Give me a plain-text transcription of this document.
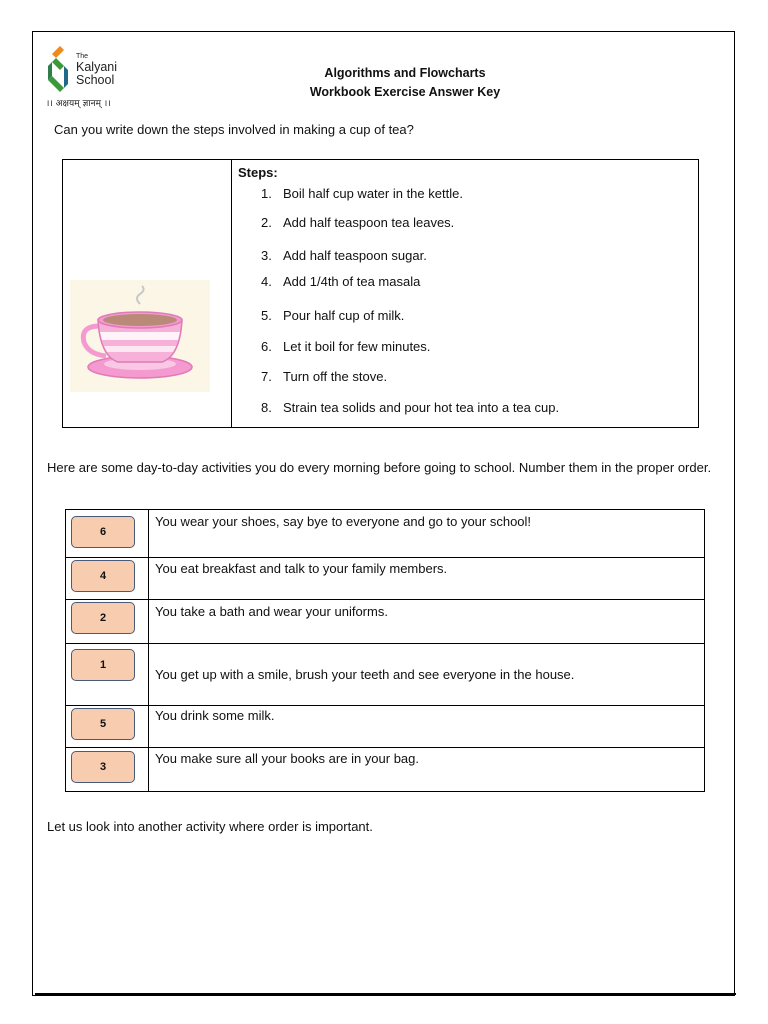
The
Kalyani
School
।। अक्षयम् ज्ञानम् ।।
Algorithms and Flowcharts
Workbook Exercise Answer Key
Can you write down the steps involved in making a cup of tea?
Steps:
1. Boil half cup water in the kettle.
2. Add half teaspoon tea leaves.
3. Add half teaspoon sugar.
4. Add 1/4th of tea masala
5. Pour half cup of milk.
6. Let it boil for few minutes.
7. Turn off the stove.
8. Strain tea solids and pour hot tea into a tea cup.
Here are some day-to-day activities you do every morning before going to school. Number them in the proper order.
6
You wear your shoes, say bye to everyone and go to your school!
4	You eat breakfast and talk to your family members.
2	You take a bath and wear your uniforms.
1
You get up with a smile, brush your teeth and see everyone in the house.
5
You drink some milk.
3
You make sure all your books are in your bag.
Let us look into another activity where order is important.
